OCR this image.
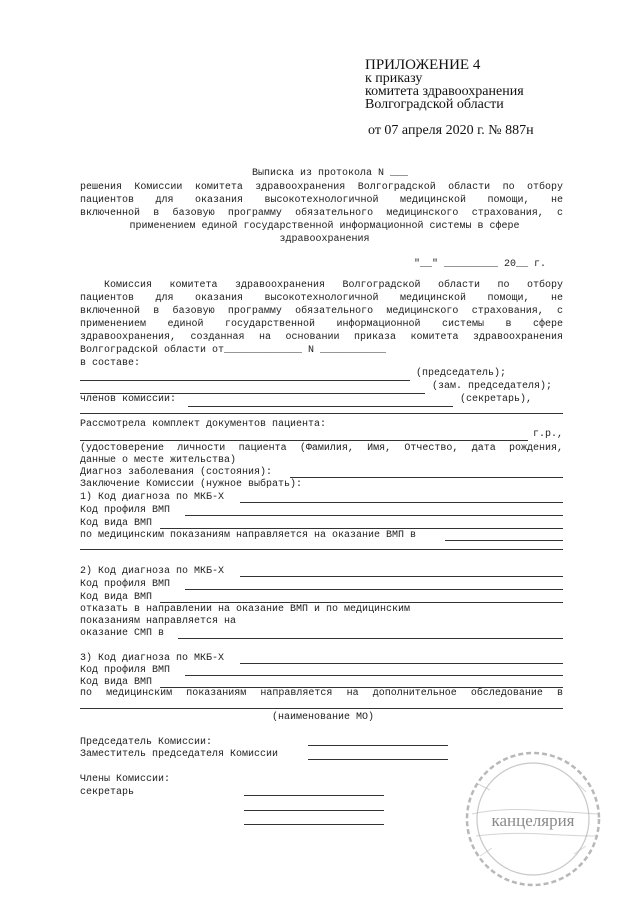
ПРИЛОЖЕНИЕ 4
к приказу
комитета здравоохранения
Волгоградской области
от 07 апреля 2020 г. № 887н
Выписка из протокола N ___
решения Комиссии комитета здравоохранения Волгоградской области по отбору
пациентов для оказания высокотехнологичной медицинской помощи, не
включенной в базовую программу обязательного медицинского страхования, с
применением единой государственной информационной системы в сфере
здравоохранения
"__" _________ 20__ г.
Комиссия комитета здравоохранения Волгоградской области по отбору
пациентов для оказания высокотехнологичной медицинской помощи, не
включенной в базовую программу обязательного медицинского страхования, с
применением единой государственной информационной системы в сфере
здравоохранения, созданная на основании приказа комитета здравоохранения
Волгоградской области от_____________ N ___________
в составе:
(председатель);
(зам. председателя);
членов комиссии:	(секретарь),
Рассмотрела комплект документов пациента:
г.р.,
(удостоверение личности пациента (Фамилия, Имя, Отчество, дата рождения,
данные о месте жительства)
Диагноз заболевания (состояния):
Заключение Комиссии (нужное выбрать):
1) Код диагноза по МКБ-Х
Код профиля ВМП
Код вида ВМП
по медицинским показаниям направляется на оказание ВМП в
2) Код диагноза по МКБ-Х
Код профиля ВМП
Код вида ВМП
отказать в направлении на оказание ВМП и по медицинским
показаниям направляется на
оказание СМП в
3) Код диагноза по МКБ-Х
Код профиля ВМП
Код вида ВМП
по медицинским показаниям направляется на дополнительное обследование в
(наименование МО)
Председатель Комиссии:
Заместитель председателя Комиссии
Члены Комиссии:
секретарь
канцелярия
